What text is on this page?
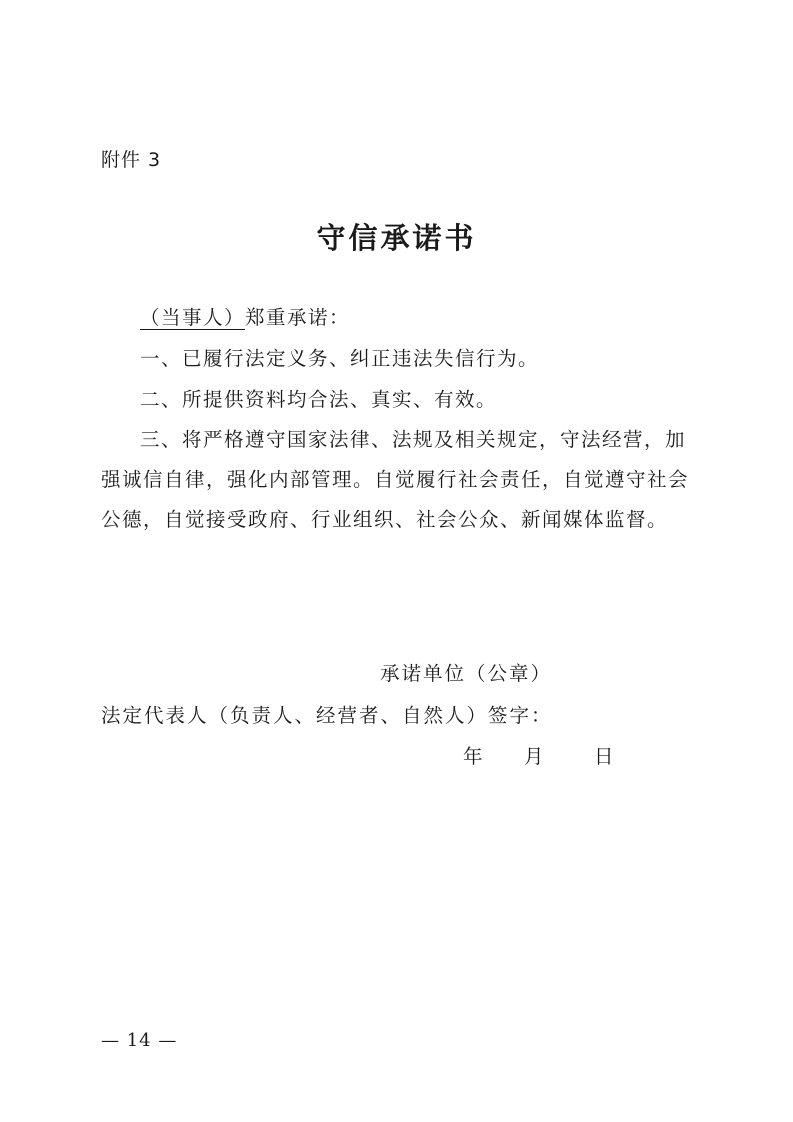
附件 3
守信承诺书
（当事人）郑重承诺：
一、已履行法定义务、纠正违法失信行为。
二、所提供资料均合法、真实、有效。
三、将严格遵守国家法律、法规及相关规定，守法经营，加
强诚信自律，强化内部管理。自觉履行社会责任，自觉遵守社会
公德，自觉接受政府、行业组织、社会公众、新闻媒体监督。
承诺单位（公章）
法定代表人（负责人、经营者、自然人）签字：
年 月	日
— 14 —
